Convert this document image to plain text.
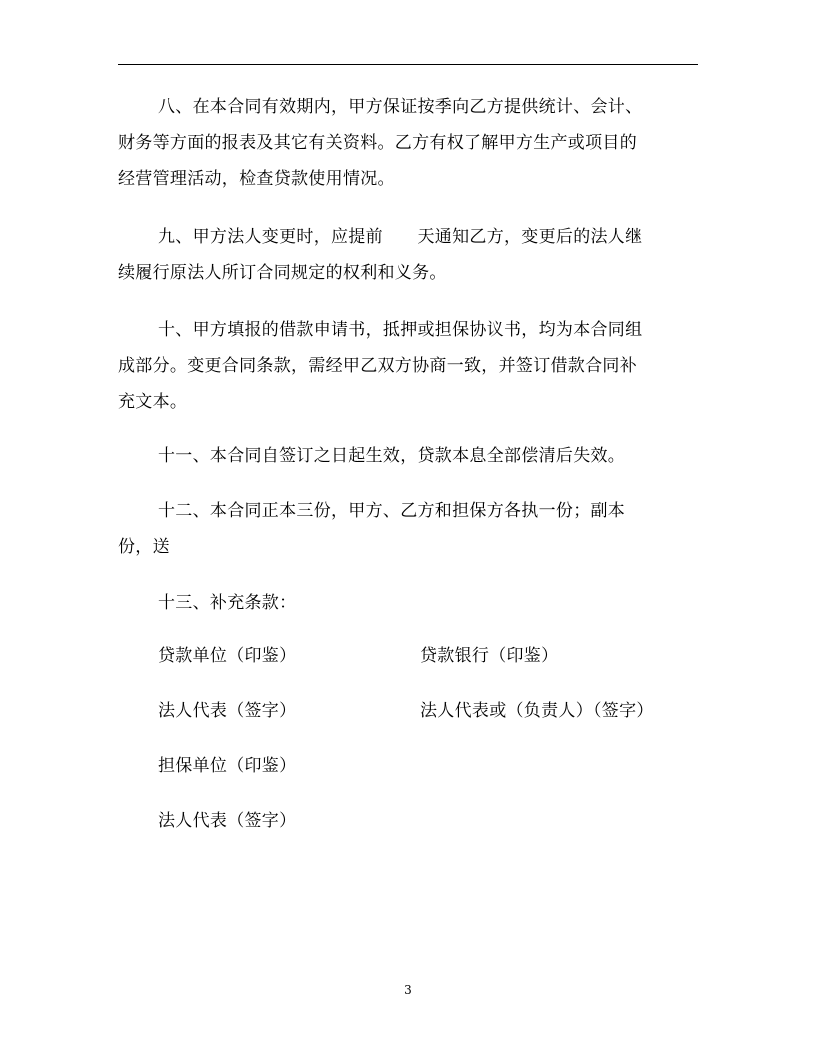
八、在本合同有效期内，甲方保证按季向乙方提供统计、会计、
财务等方面的报表及其它有关资料。乙方有权了解甲方生产或项目的
经营管理活动，检查贷款使用情况。
九、甲方法人变更时，应提前　　天通知乙方，变更后的法人继
续履行原法人所订合同规定的权利和义务。
十、甲方填报的借款申请书，抵押或担保协议书，均为本合同组
成部分。变更合同条款，需经甲乙双方协商一致，并签订借款合同补
充文本。
十一、本合同自签订之日起生效，贷款本息全部偿清后失效。
十二、本合同正本三份，甲方、乙方和担保方各执一份；副本
份，送
十三、补充条款：
贷款单位（印鉴）	贷款银行（印鉴）
法人代表（签字）	法人代表或（负责人）（签字）
担保单位（印鉴）
法人代表（签字）
3
